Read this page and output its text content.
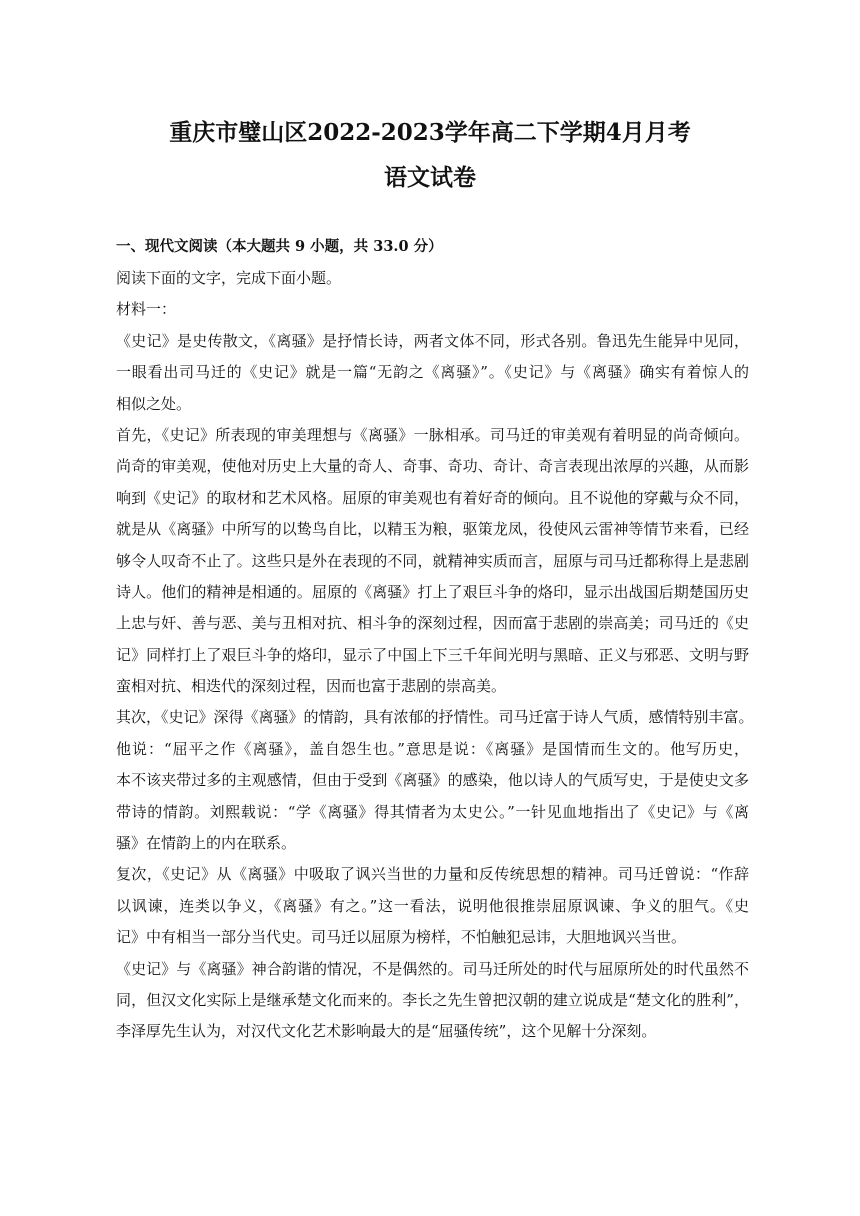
重庆市璧山区2022-2023学年高二下学期4月月考
语文试卷
一、现代文阅读（本大题共 9 小题，共 33.0 分）
阅读下面的文字，完成下面小题。
材料一：
《史记》是史传散文，《离骚》是抒情长诗，两者文体不同，形式各别。鲁迅先生能异中见同，
一眼看出司马迁的《史记》就是一篇“无韵之《离骚》”。《史记》与《离骚》确实有着惊人的
相似之处。
首先，《史记》所表现的审美理想与《离骚》一脉相承。司马迁的审美观有着明显的尚奇倾向。
尚奇的审美观，使他对历史上大量的奇人、奇事、奇功、奇计、奇言表现出浓厚的兴趣，从而影
响到《史记》的取材和艺术风格。屈原的审美观也有着好奇的倾向。且不说他的穿戴与众不同，
就是从《离骚》中所写的以鸷鸟自比，以精玉为粮，驱策龙凤，役使风云雷神等情节来看，已经
够令人叹奇不止了。这些只是外在表现的不同，就精神实质而言，屈原与司马迁都称得上是悲剧
诗人。他们的精神是相通的。屈原的《离骚》打上了艰巨斗争的烙印，显示出战国后期楚国历史
上忠与奸、善与恶、美与丑相对抗、相斗争的深刻过程，因而富于悲剧的崇高美；司马迁的《史
记》同样打上了艰巨斗争的烙印，显示了中国上下三千年间光明与黑暗、正义与邪恶、文明与野
蛮相对抗、相迭代的深刻过程，因而也富于悲剧的崇高美。
其次，《史记》深得《离骚》的情韵，具有浓郁的抒情性。司马迁富于诗人气质，感情特别丰富。
他说：“屈平之作《离骚》，盖自怨生也。”意思是说：《离骚》是国情而生文的。他写历史，
本不该夹带过多的主观感情，但由于受到《离骚》的感染，他以诗人的气质写史，于是使史文多
带诗的情韵。刘熙载说：“学《离骚》得其情者为太史公。”一针见血地指出了《史记》与《离
骚》在情韵上的内在联系。
复次，《史记》从《离骚》中吸取了讽兴当世的力量和反传统思想的精神。司马迁曾说：“作辞
以讽谏，连类以争义，《离骚》有之。”这一看法，说明他很推崇屈原讽谏、争义的胆气。《史
记》中有相当一部分当代史。司马迁以屈原为榜样，不怕触犯忌讳，大胆地讽兴当世。
《史记》与《离骚》神合韵谐的情况，不是偶然的。司马迁所处的时代与屈原所处的时代虽然不
同，但汉文化实际上是继承楚文化而来的。李长之先生曾把汉朝的建立说成是“楚文化的胜利”，
李泽厚先生认为，对汉代文化艺术影响最大的是“屈骚传统”，这个见解十分深刻。
